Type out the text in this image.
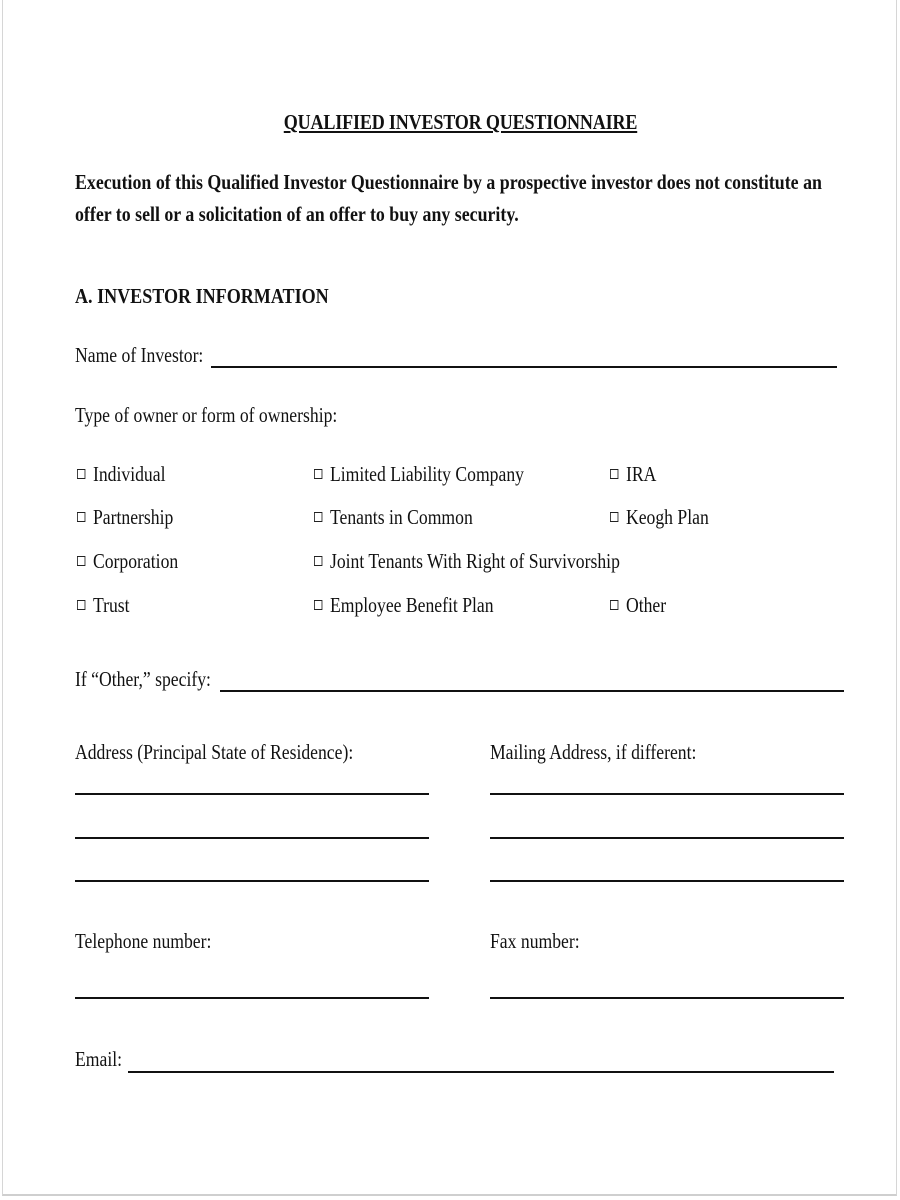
QUALIFIED INVESTOR QUESTIONNAIRE
Execution of this Qualified Investor Questionnaire by a prospective investor does not constitute an offer to sell or a solicitation of an offer to buy any security.
A. INVESTOR INFORMATION
Name of Investor:
Type of owner or form of ownership:
Individual	Limited Liability Company	IRA
Partnership	Tenants in Common	Keogh Plan
Corporation	Joint Tenants With Right of Survivorship
Trust	Employee Benefit Plan	Other
If “Other,” specify:
Address (Principal State of Residence):	Mailing Address, if different:
Telephone number:	Fax number:
Email:
